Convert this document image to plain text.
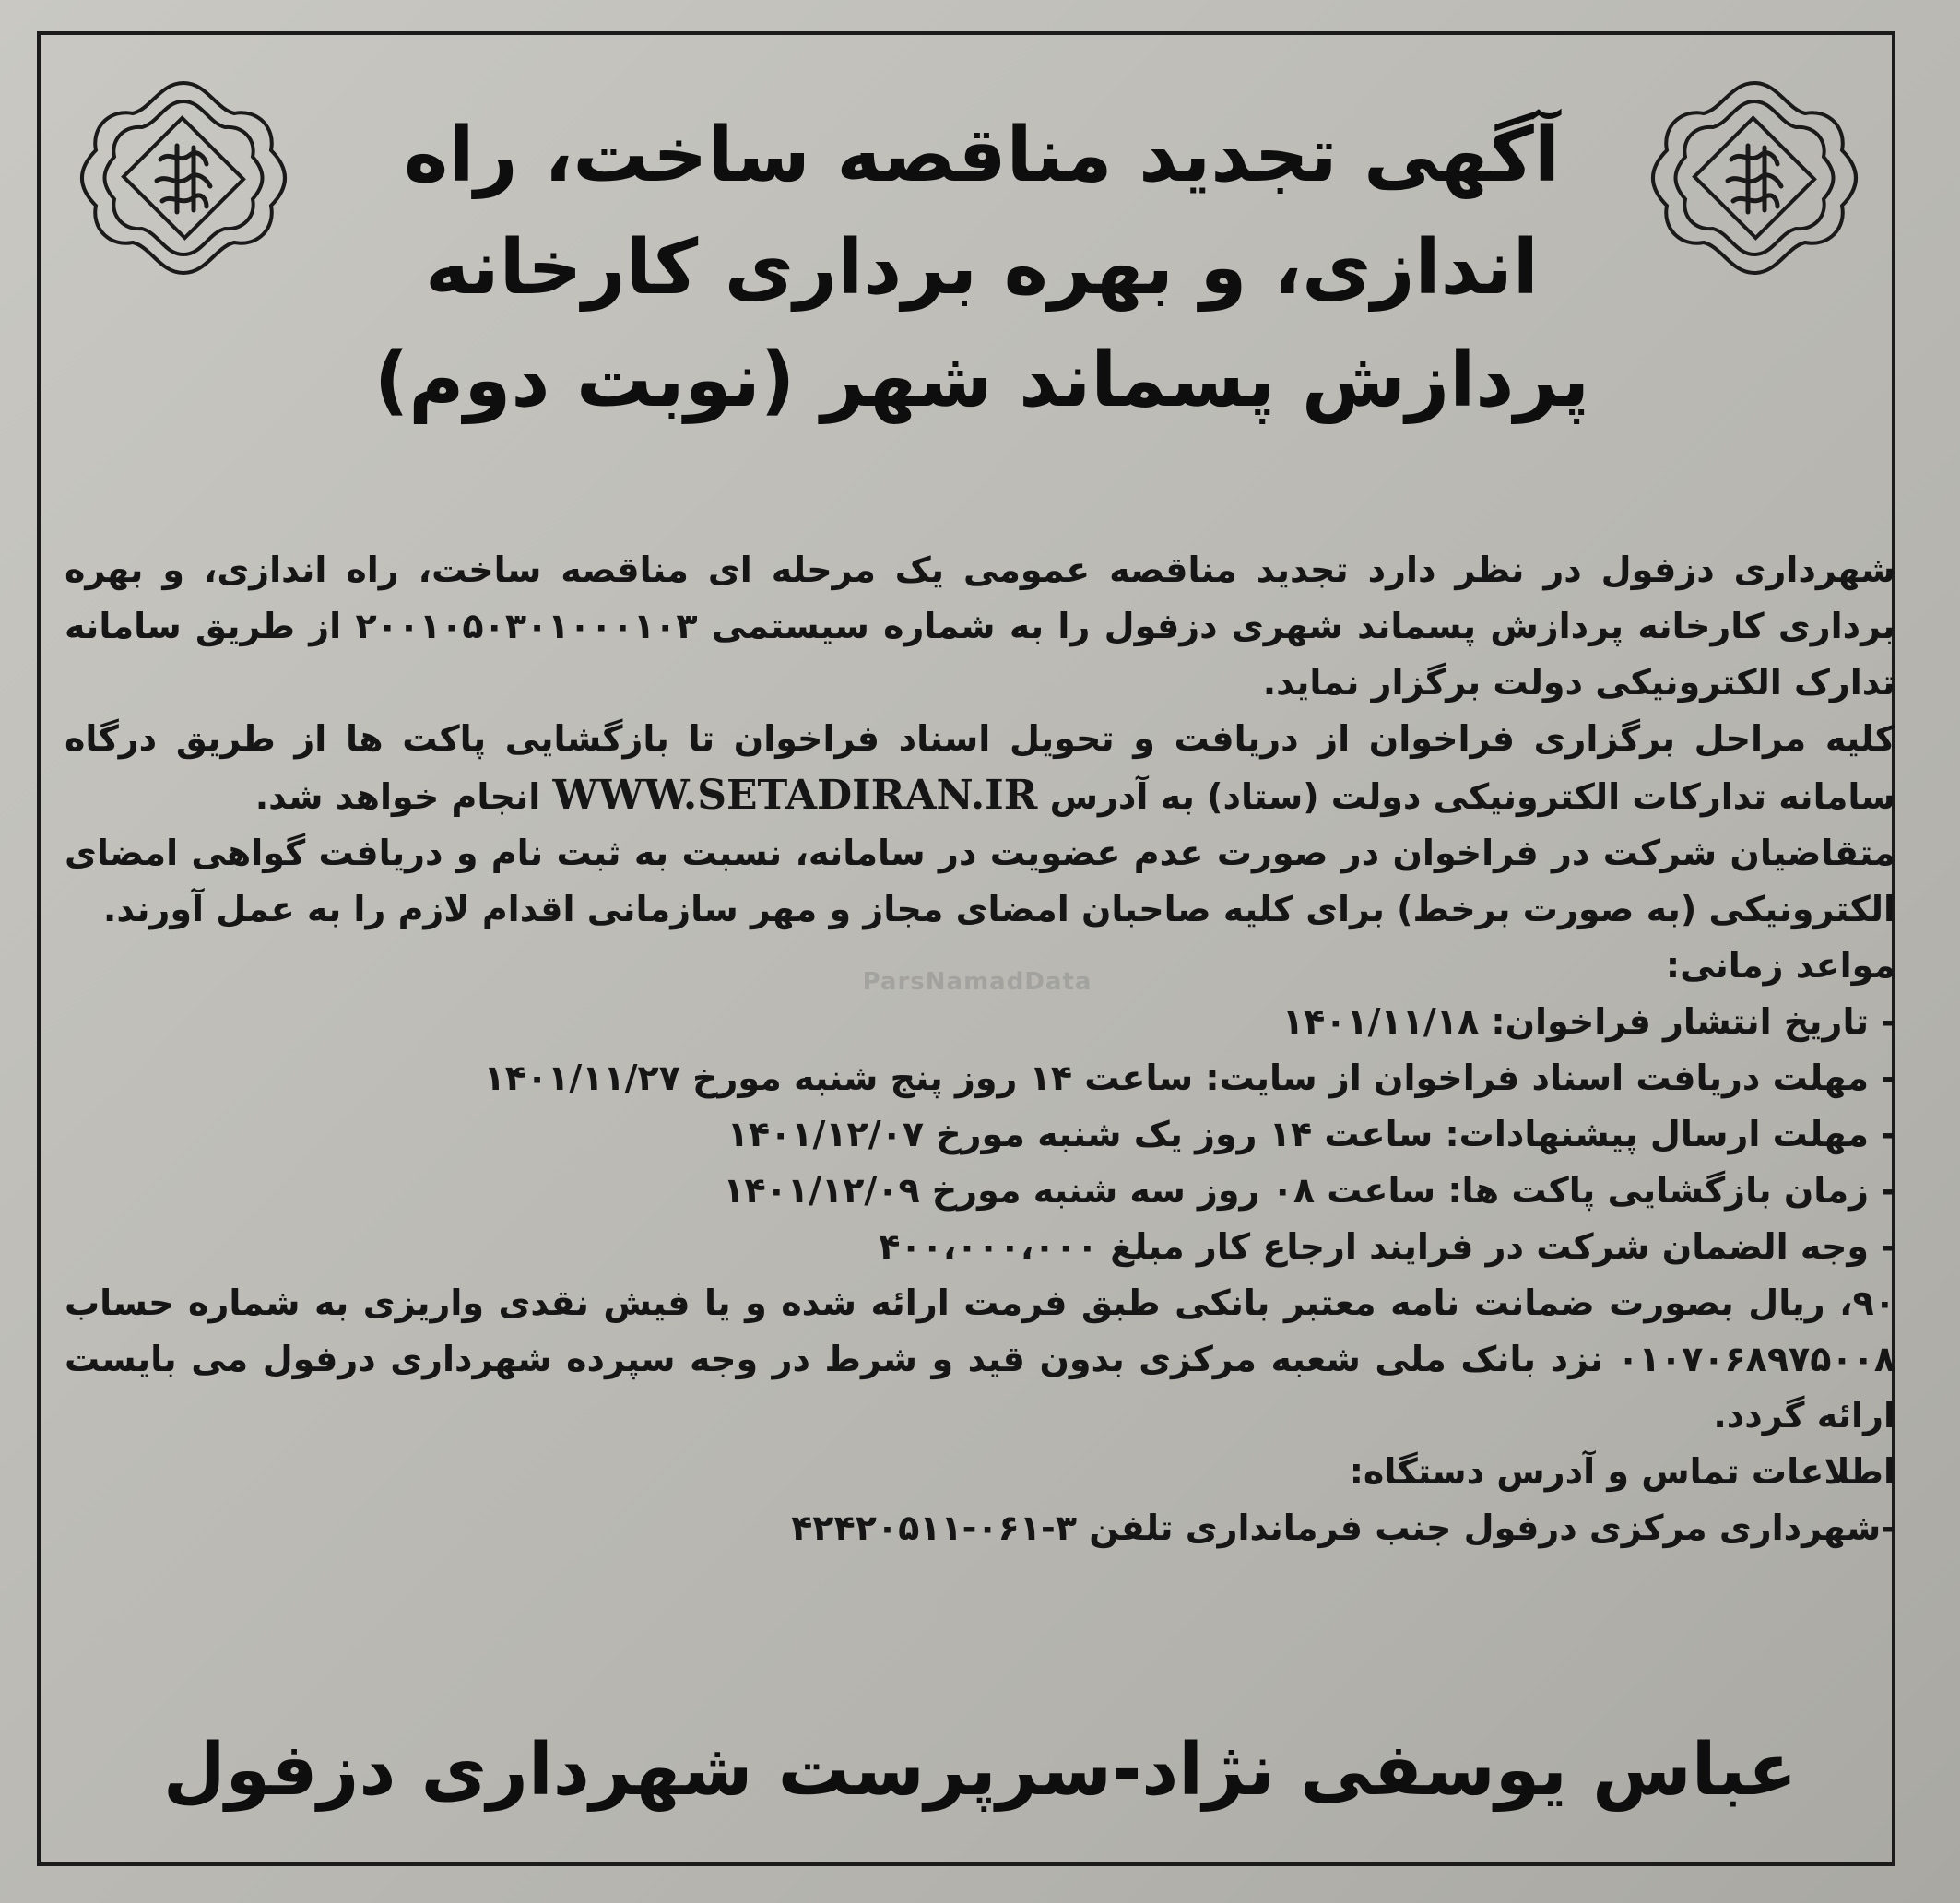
آگهی تجدید مناقصه ساخت، راه
اندازی، و بهره برداری کارخانه
پردازش پسماند شهر (نوبت دوم)
ParsNamadData

شهرداری دزفول در نظر دارد تجدید مناقصه عمومی یک مرحله ای مناقصه ساخت، راه اندازی، و بهره برداری کارخانه پردازش پسماند شهری دزفول را به شماره سیستمی ۲۰۰۱۰۵۰۳۰۱۰۰۰۱۰۳ از طریق سامانه تدارک الکترونیکی دولت برگزار نماید.

کلیه مراحل برگزاری فراخوان از دریافت و تحویل اسناد فراخوان تا بازگشایی پاکت ها از طریق درگاه سامانه تدارکات الکترونیکی دولت (ستاد) به آدرس WWW.SETADIRAN.IR انجام خواهد شد.

متقاضیان شرکت در فراخوان در صورت عدم عضویت در سامانه، نسبت به ثبت نام و دریافت گواهی امضای الکترونیکی (به صورت برخط) برای کلیه صاحبان امضای مجاز و مهر سازمانی اقدام لازم را به عمل آورند.

مواعد زمانی:

- تاریخ انتشار فراخوان: ۱۴۰۱/۱۱/۱۸
- مهلت دریافت اسناد فراخوان از سایت: ساعت ۱۴ روز پنج شنبه مورخ ۱۴۰۱/۱۱/۲۷
- مهلت ارسال پیشنهادات: ساعت ۱۴ روز یک شنبه مورخ ۱۴۰۱/۱۲/۰۷
- زمان بازگشایی پاکت ها: ساعت ۰۸ روز سه شنبه مورخ ۱۴۰۱/۱۲/۰۹
- وجه الضمان شرکت در فرایند ارجاع کار مبلغ ۴۰۰،۰۰۰،۰۰۰

۹۰، ریال بصورت ضمانت نامه معتبر بانکی طبق فرمت ارائه شده و یا فیش نقدی واریزی به شماره حساب ۰۱۰۷۰۶۸۹۷۵۰۰۸ نزد بانک ملی شعبه مرکزی بدون قید و شرط در وجه سپرده شهرداری درفول می بایست ارائه گردد.

اطلاعات تماس و آدرس دستگاه:

-شهرداری مرکزی درفول جنب فرمانداری تلفن ۳-۰۶۱-۴۲۴۲۰۵۱۱

عباس یوسفی نژاد-سرپرست شهرداری دزفول
